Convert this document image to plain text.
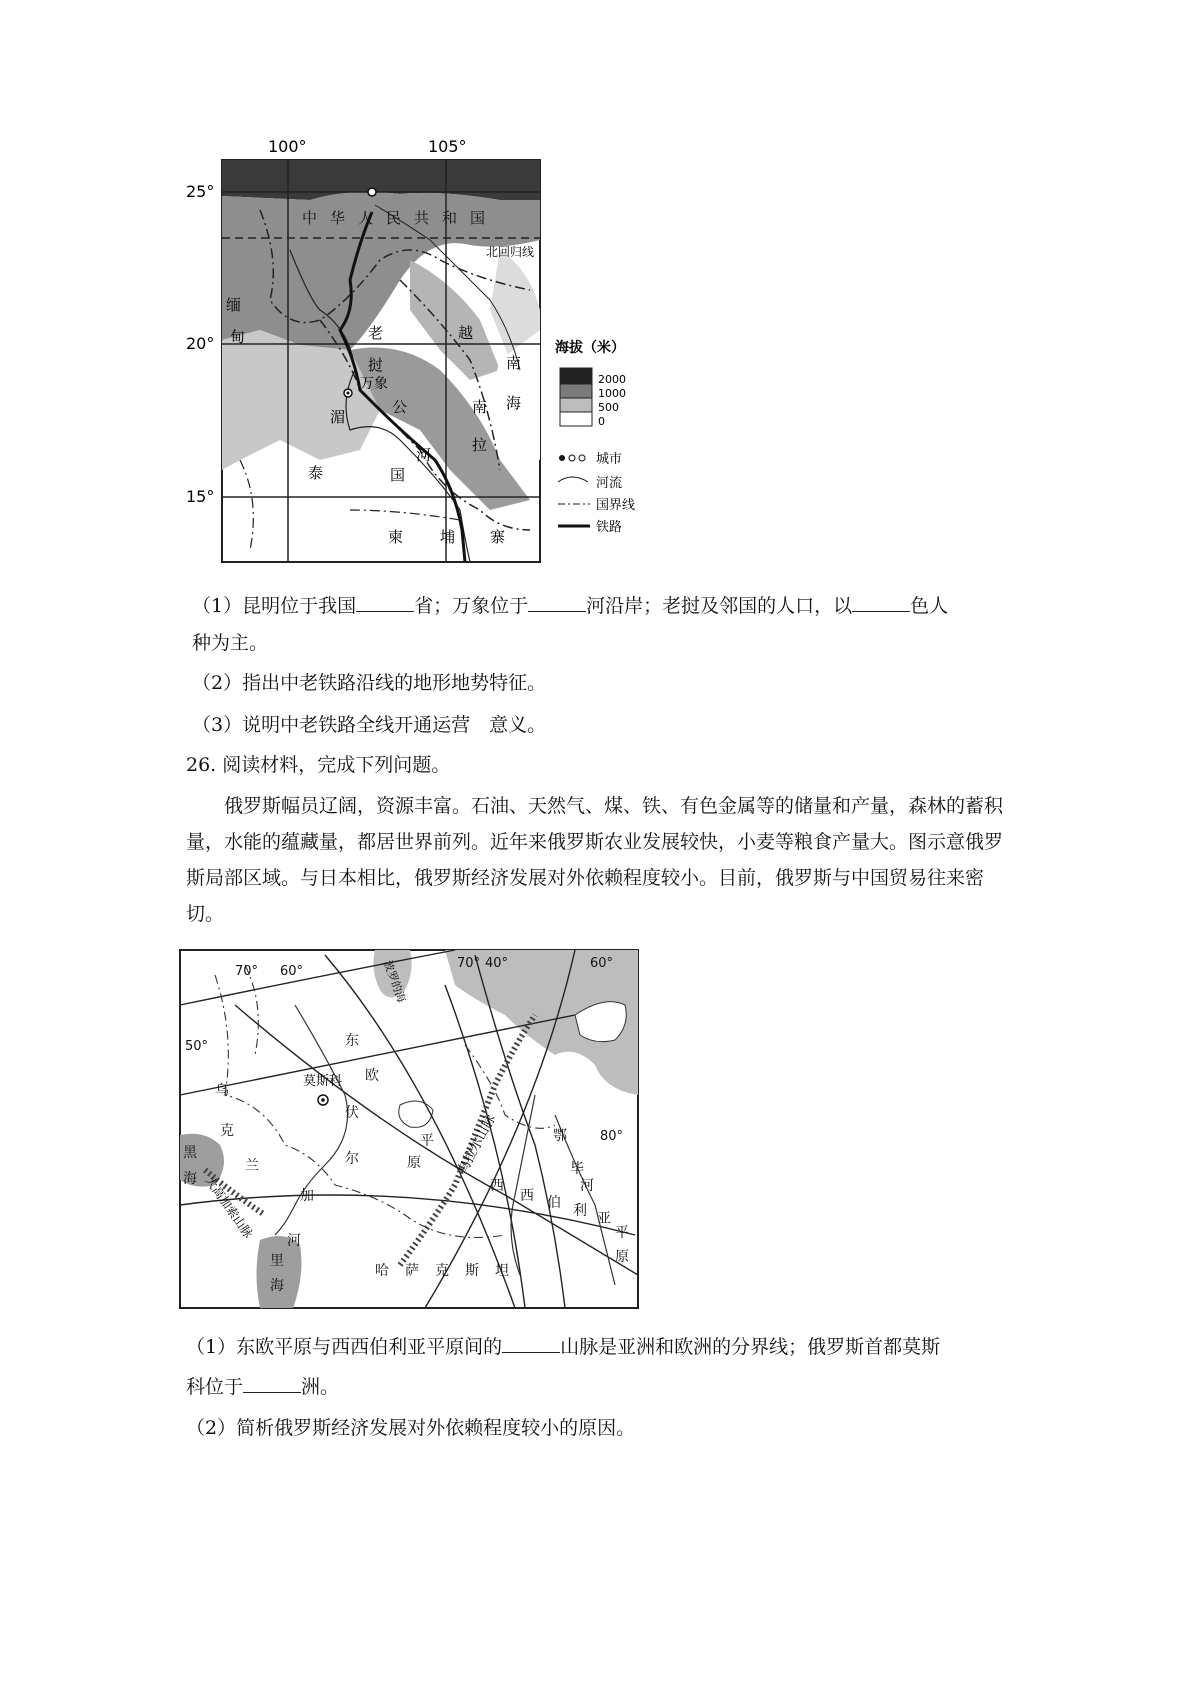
100°	105°
25°
20°
15°
中 华 人 民 共 和 国
北回归线
缅
甸	老
挝
越
南
海
万象
湄
公
河
南
拉
泰	国
柬 埔 寨
海拔（米）
2000
1000
500
0
城市
河流
国界线
铁路
（1）昆明位于我国	省；万象位于	河沿岸；老挝及邻国的人口，以	色人
种为主。
（2）指出中老铁路沿线的地形地势特征。
（3）说明中老铁路全线开通运营　意义。
26. 阅读材料，完成下列问题。
俄罗斯幅员辽阔，资源丰富。石油、天然气、煤、铁、有色金属等的储量和产量，森林的蓄积量，水能的蕴藏量，都居世界前列。近年来俄罗斯农业发展较快，小麦等粮食产量大。图示意俄罗斯局部区域。与日本相比，俄罗斯经济发展对外依赖程度较小。目前，俄罗斯与中国贸易往来密切。
莫斯科
70° 60°
50°
70° 40°	60°
80°
东
欧
平
原
伏
尔
加
河
乌
克
兰
黑
海
里
海
哈 萨 克 斯 坦
西
西 伯 利 亚
平
原
鄂
毕
河
波罗的海
大高加索山脉
乌拉尔山脉
（1）东欧平原与西西伯利亚平原间的	山脉是亚洲和欧洲的分界线；俄罗斯首都莫斯
科位于	洲。
（2）简析俄罗斯经济发展对外依赖程度较小的原因。
